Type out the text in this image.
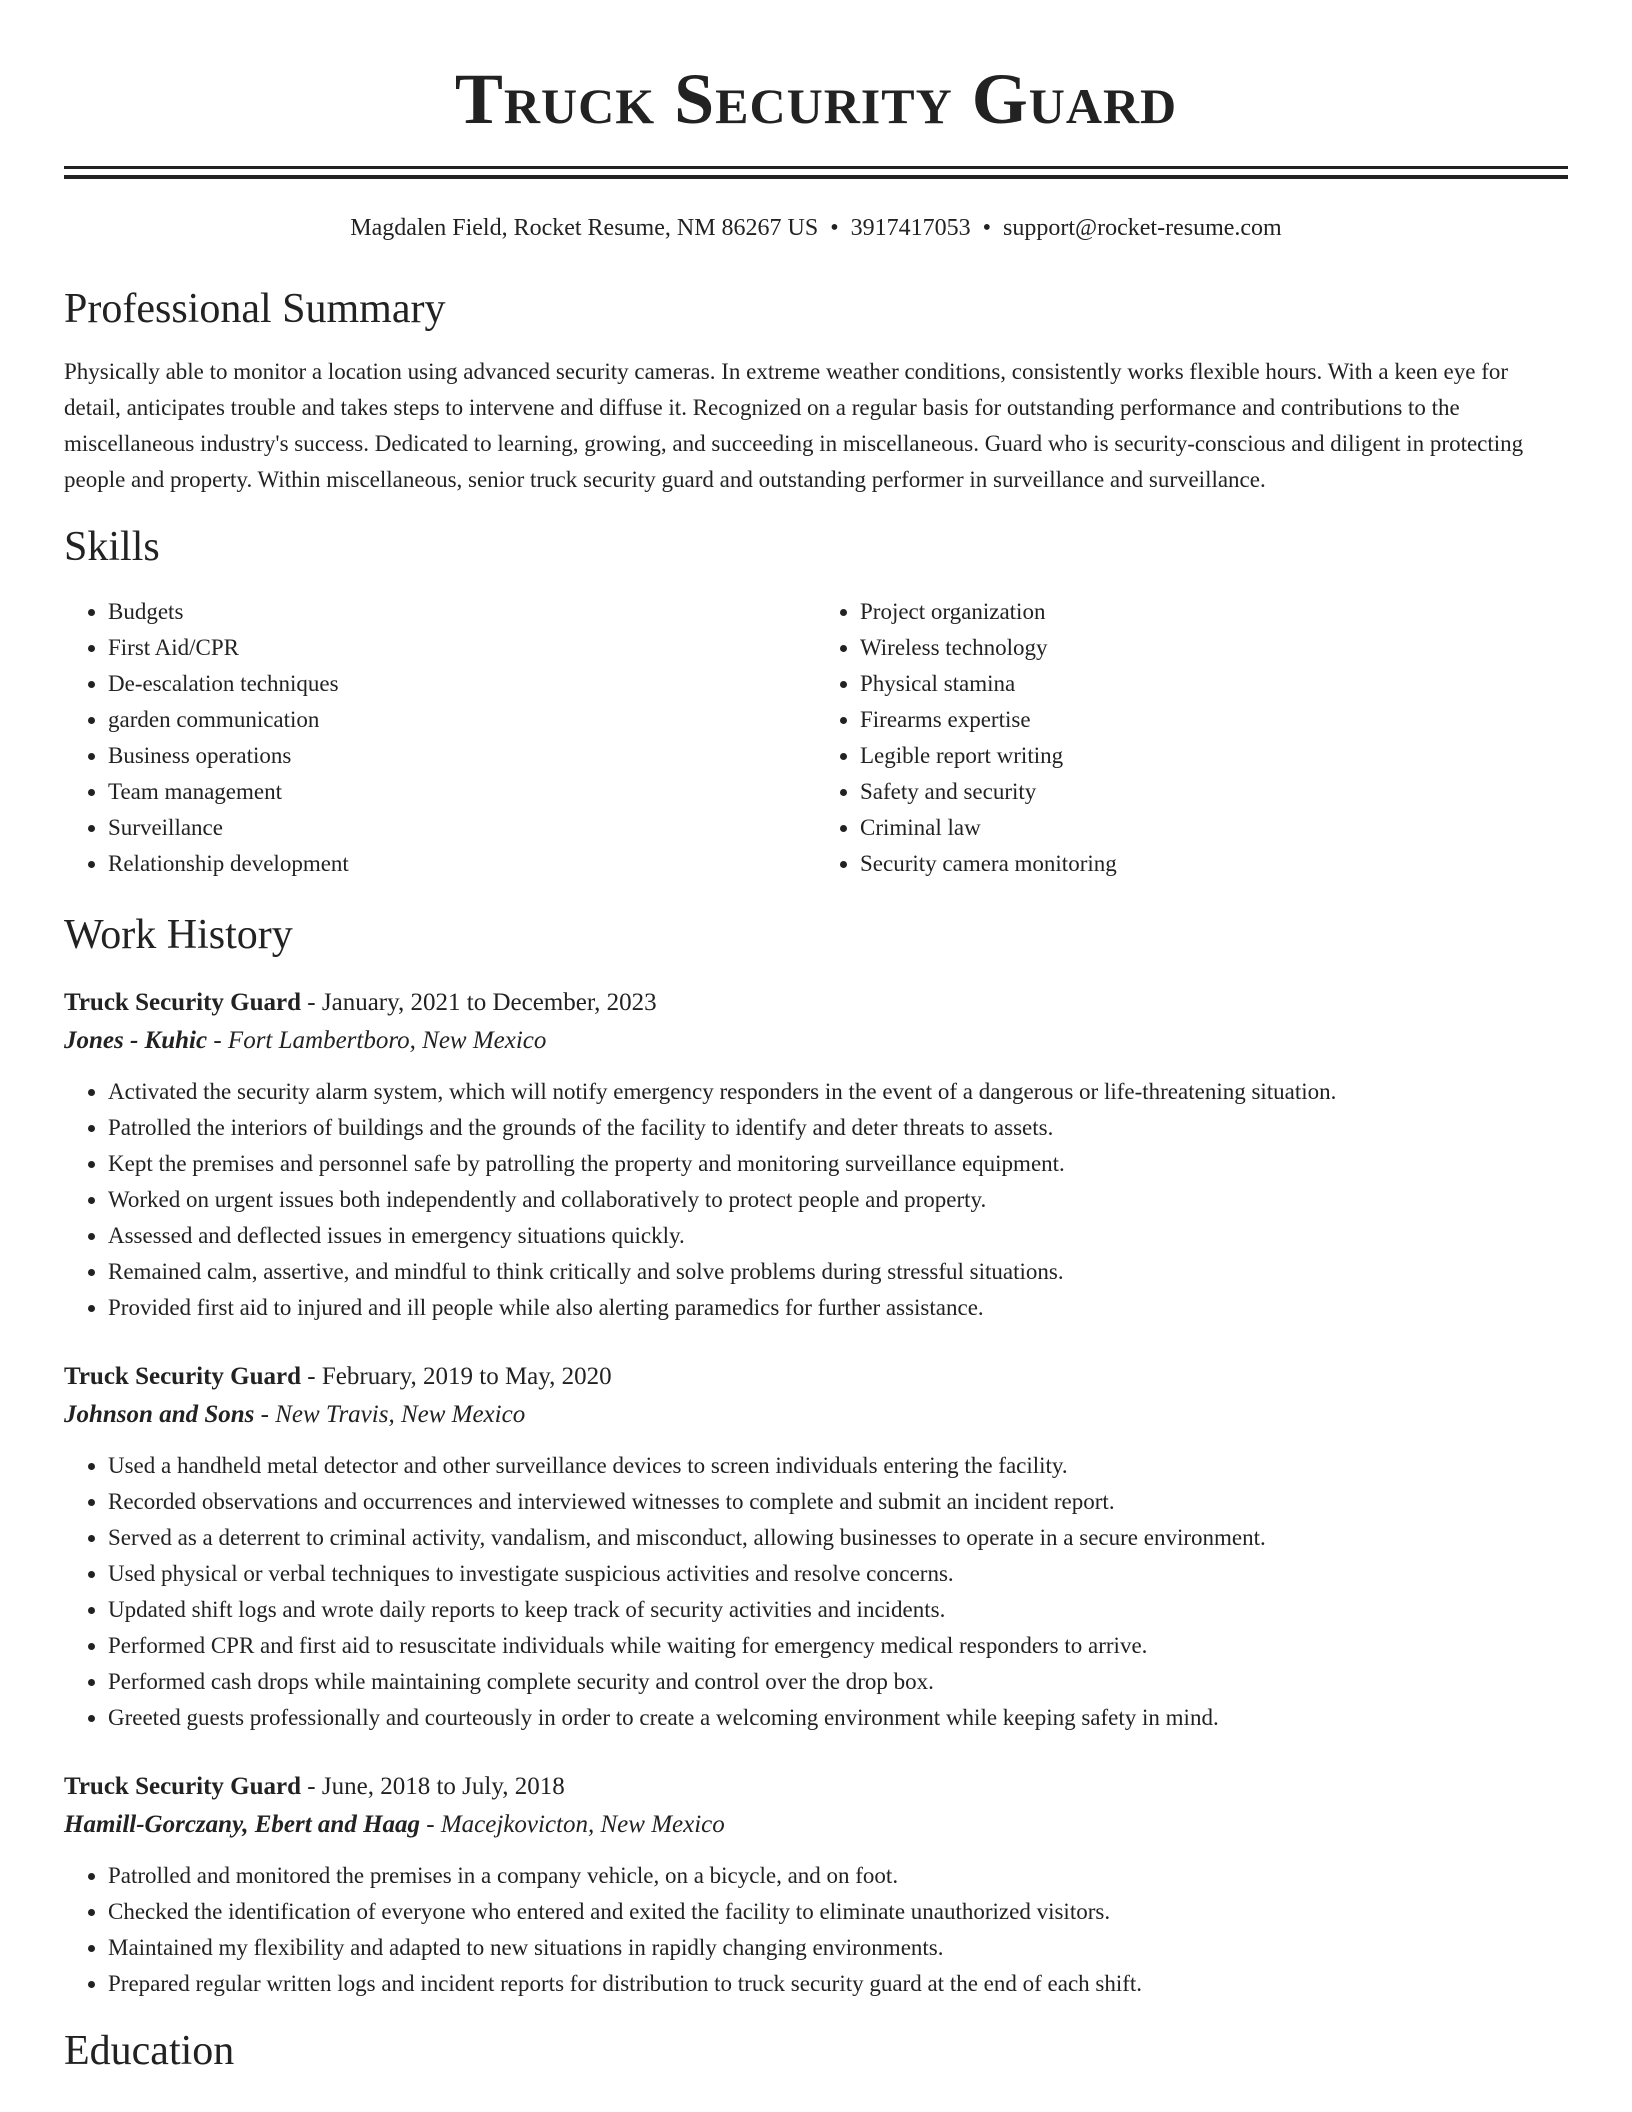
Truck Security Guard
Magdalen Field, Rocket Resume, NM 86267 US • 3917417053 • support@rocket-resume.com
Professional Summary
Physically able to monitor a location using advanced security cameras. In extreme weather conditions, consistently works flexible hours. With a keen eye for detail, anticipates trouble and takes steps to intervene and diffuse it. Recognized on a regular basis for outstanding performance and contributions to the miscellaneous industry's success. Dedicated to learning, growing, and succeeding in miscellaneous. Guard who is security-conscious and diligent in protecting people and property. Within miscellaneous, senior truck security guard and outstanding performer in surveillance and surveillance.
Skills
• Budgets
• First Aid/CPR
• De-escalation techniques
• garden communication
• Business operations
• Team management
• Surveillance
• Relationship development
• Project organization
• Wireless technology
• Physical stamina
• Firearms expertise
• Legible report writing
• Safety and security
• Criminal law
• Security camera monitoring
Work History
Truck Security Guard - January, 2021 to December, 2023
Jones - Kuhic - Fort Lambertboro, New Mexico
• Activated the security alarm system, which will notify emergency responders in the event of a dangerous or life-threatening situation.
• Patrolled the interiors of buildings and the grounds of the facility to identify and deter threats to assets.
• Kept the premises and personnel safe by patrolling the property and monitoring surveillance equipment.
• Worked on urgent issues both independently and collaboratively to protect people and property.
• Assessed and deflected issues in emergency situations quickly.
• Remained calm, assertive, and mindful to think critically and solve problems during stressful situations.
• Provided first aid to injured and ill people while also alerting paramedics for further assistance.
Truck Security Guard - February, 2019 to May, 2020
Johnson and Sons - New Travis, New Mexico
• Used a handheld metal detector and other surveillance devices to screen individuals entering the facility.
• Recorded observations and occurrences and interviewed witnesses to complete and submit an incident report.
• Served as a deterrent to criminal activity, vandalism, and misconduct, allowing businesses to operate in a secure environment.
• Used physical or verbal techniques to investigate suspicious activities and resolve concerns.
• Updated shift logs and wrote daily reports to keep track of security activities and incidents.
• Performed CPR and first aid to resuscitate individuals while waiting for emergency medical responders to arrive.
• Performed cash drops while maintaining complete security and control over the drop box.
• Greeted guests professionally and courteously in order to create a welcoming environment while keeping safety in mind.
Truck Security Guard - June, 2018 to July, 2018
Hamill-Gorczany, Ebert and Haag - Macejkovicton, New Mexico
• Patrolled and monitored the premises in a company vehicle, on a bicycle, and on foot.
• Checked the identification of everyone who entered and exited the facility to eliminate unauthorized visitors.
• Maintained my flexibility and adapted to new situations in rapidly changing environments.
• Prepared regular written logs and incident reports for distribution to truck security guard at the end of each shift.
Education
